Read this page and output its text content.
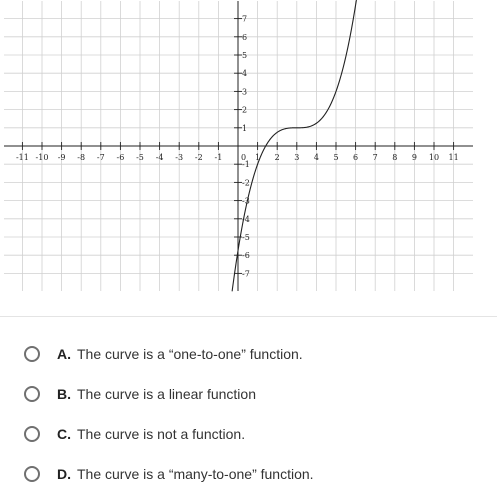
-11 -10 -9 -8 -7 -6 -5 -4 -3 -2 -1 0 1 2 3 4 5 6 7 8 9 10 11
7
6
5
4
3
2
1
-1
-2
-3
-4
-5
-6
-7
A. The curve is a “one-to-one” function.
B. The curve is a linear function
C. The curve is not a function.
D. The curve is a “many-to-one” function.
